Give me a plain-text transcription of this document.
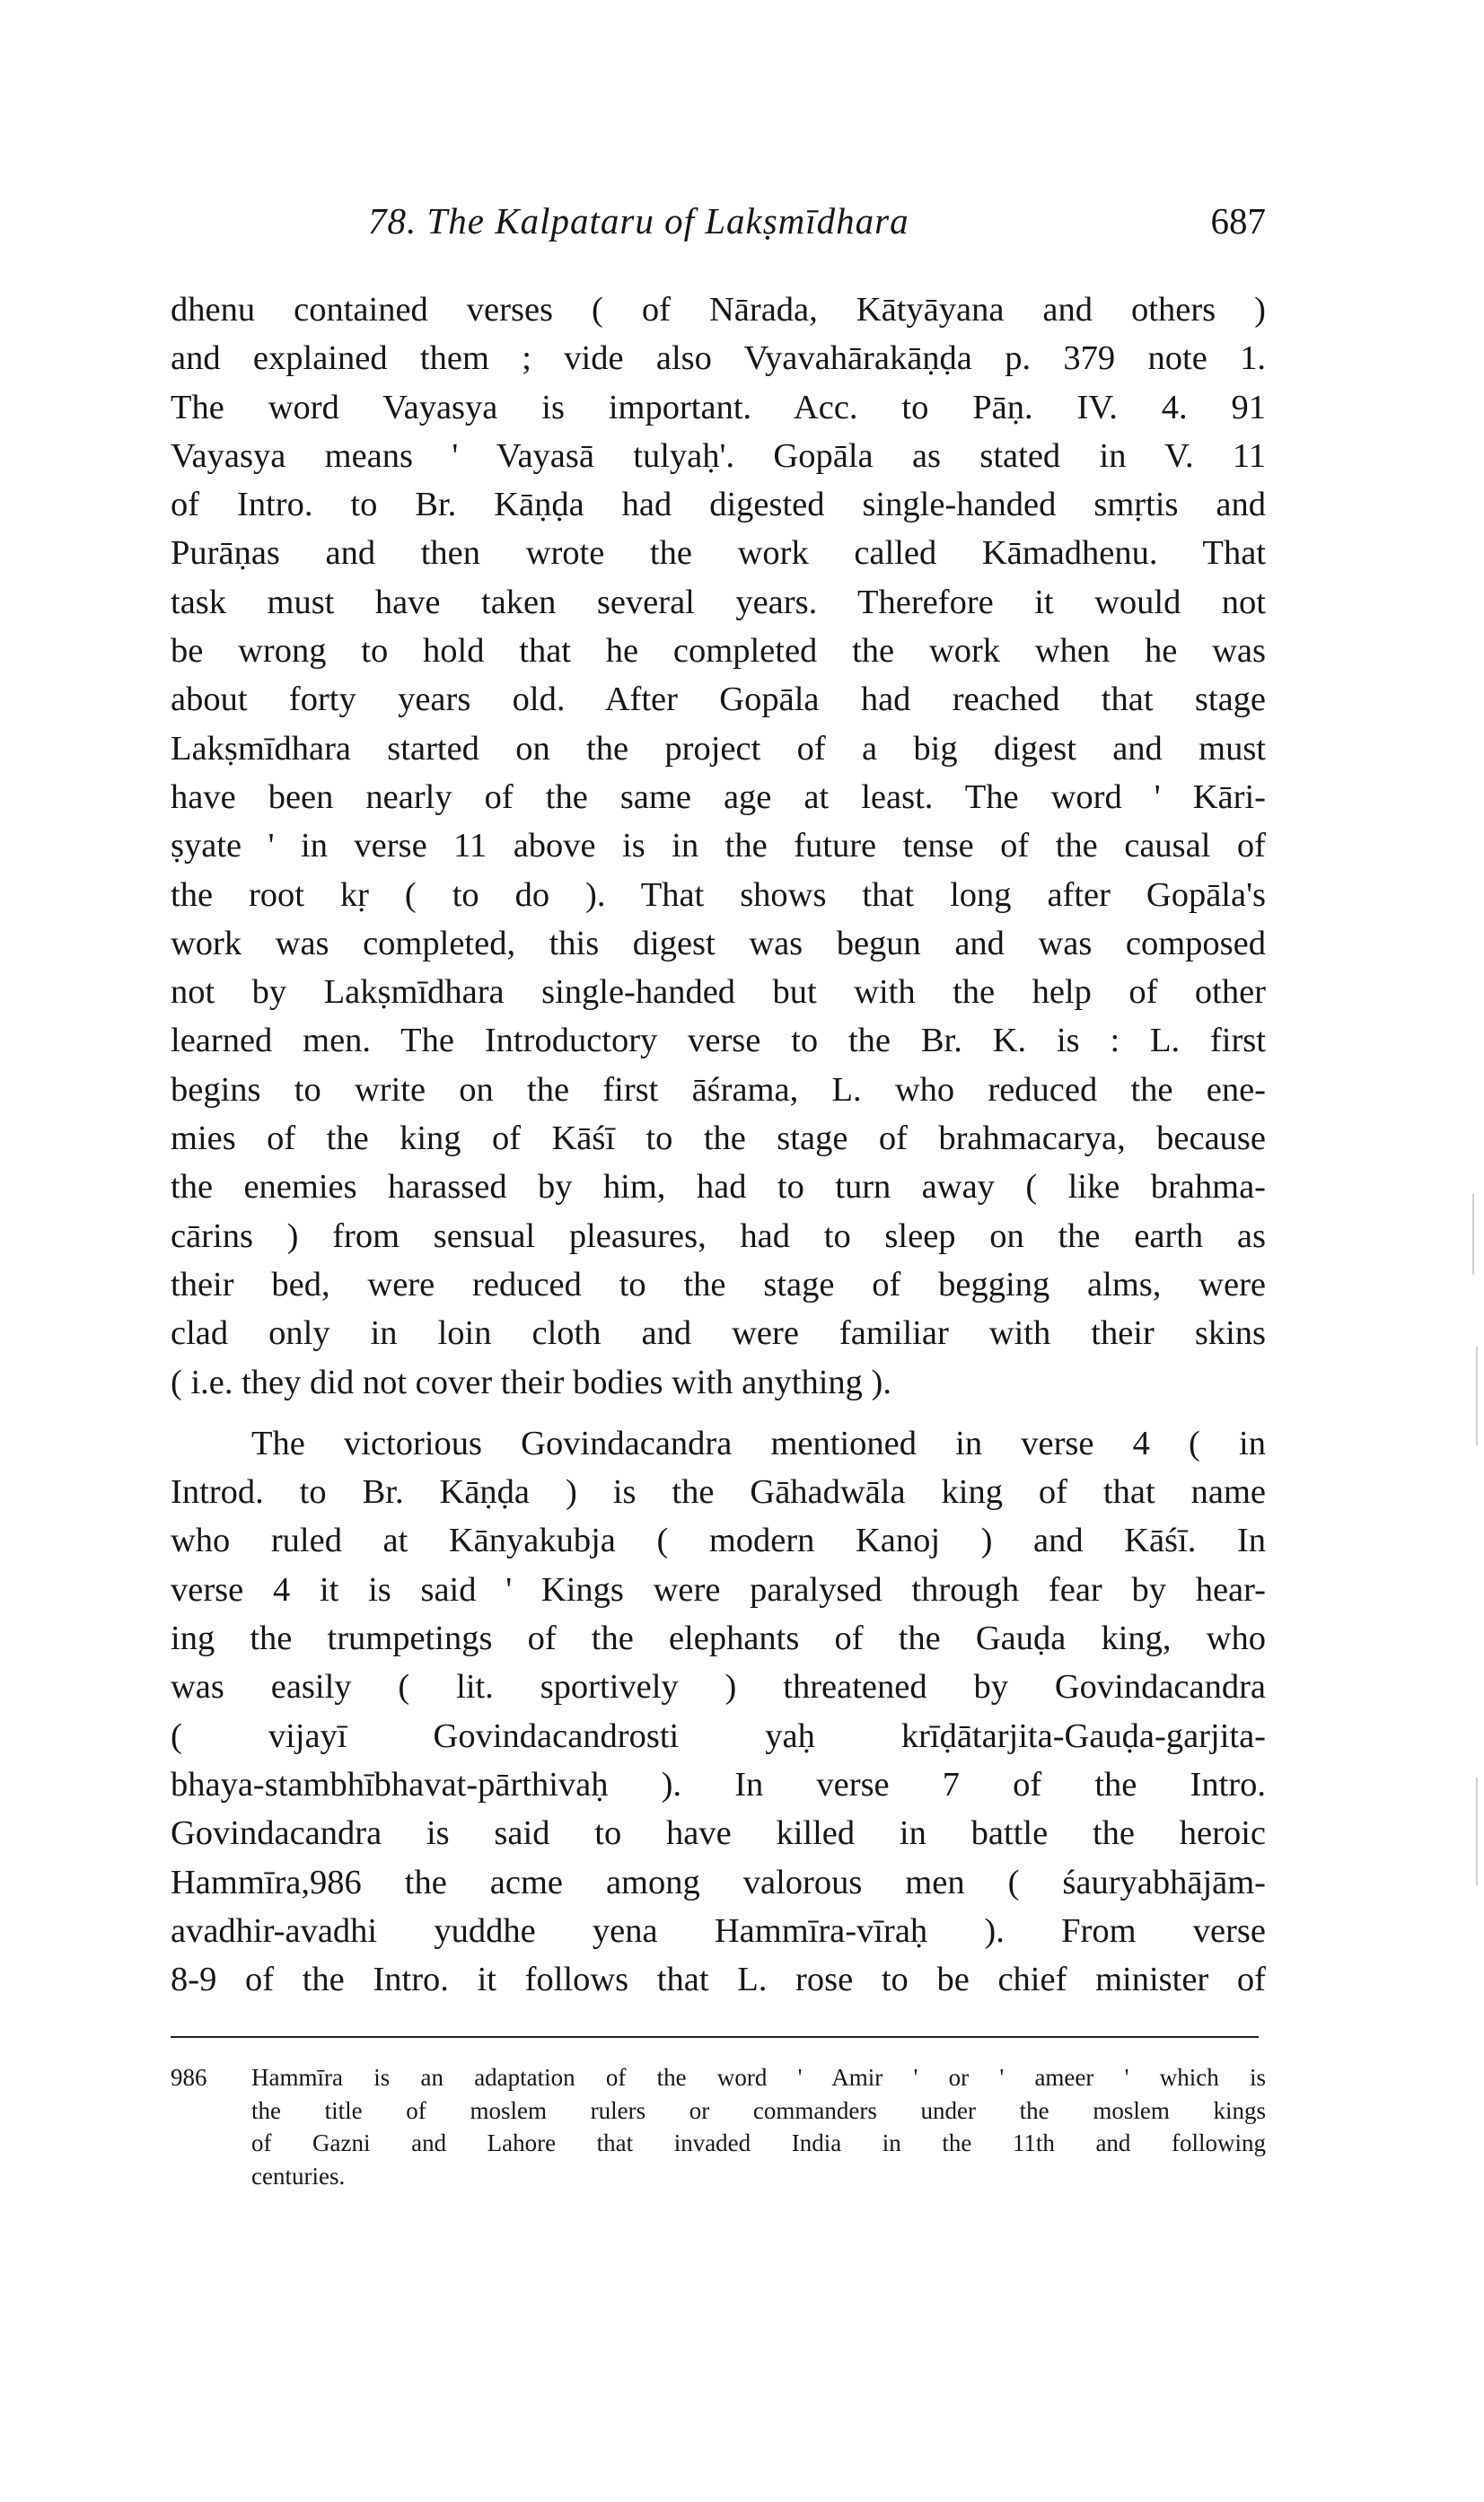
78. The Kalpataru of Lakṣmīdhara	687
dhenu contained verses ( of Nārada, Kātyāyana and others )
and explained them ; vide also Vyavahārakāṇḍa p. 379 note 1.
The word Vayasya is important. Acc. to Pāṇ. IV. 4. 91
Vayasya means ' Vayasā tulyaḥ'. Gopāla as stated in V. 11
of Intro. to Br. Kāṇḍa had digested single-handed smṛtis and
Purāṇas and then wrote the work called Kāmadhenu. That
task must have taken several years. Therefore it would not
be wrong to hold that he completed the work when he was
about forty years old. After Gopāla had reached that stage
Lakṣmīdhara started on the project of a big digest and must
have been nearly of the same age at least. The word ' Kāri-
ṣyate ' in verse 11 above is in the future tense of the causal of
the root kṛ ( to do ). That shows that long after Gopāla's
work was completed, this digest was begun and was composed
not by Lakṣmīdhara single-handed but with the help of other
learned men. The Introductory verse to the Br. K. is : L. first
begins to write on the first āśrama, L. who reduced the ene-
mies of the king of Kāśī to the stage of brahmacarya, because
the enemies harassed by him, had to turn away ( like brahma-
cārins ) from sensual pleasures, had to sleep on the earth as
their bed, were reduced to the stage of begging alms, were
clad only in loin cloth and were familiar with their skins
( i.e. they did not cover their bodies with anything ).
The victorious Govindacandra mentioned in verse 4 ( in
Introd. to Br. Kāṇḍa ) is the Gāhadwāla king of that name
who ruled at Kānyakubja ( modern Kanoj ) and Kāśī. In
verse 4 it is said ' Kings were paralysed through fear by hear-
ing the trumpetings of the elephants of the Gauḍa king, who
was easily ( lit. sportively ) threatened by Govindacandra
( vijayī Govindacandrosti yaḥ krīḍātarjita-Gauḍa-garjita-
bhaya-stambhībhavat-pārthivaḥ ). In verse 7 of the Intro.
Govindacandra is said to have killed in battle the heroic
Hammīra,986 the acme among valorous men ( śauryabhājām-
avadhir-avadhi yuddhe yena Hammīra-vīraḥ ). From verse
8-9 of the Intro. it follows that L. rose to be chief minister of
986 Hammīra is an adaptation of the word ' Amir ' or ' ameer ' which is
the title of moslem rulers or commanders under the moslem kings
of Gazni and Lahore that invaded India in the 11th and following
centuries.
